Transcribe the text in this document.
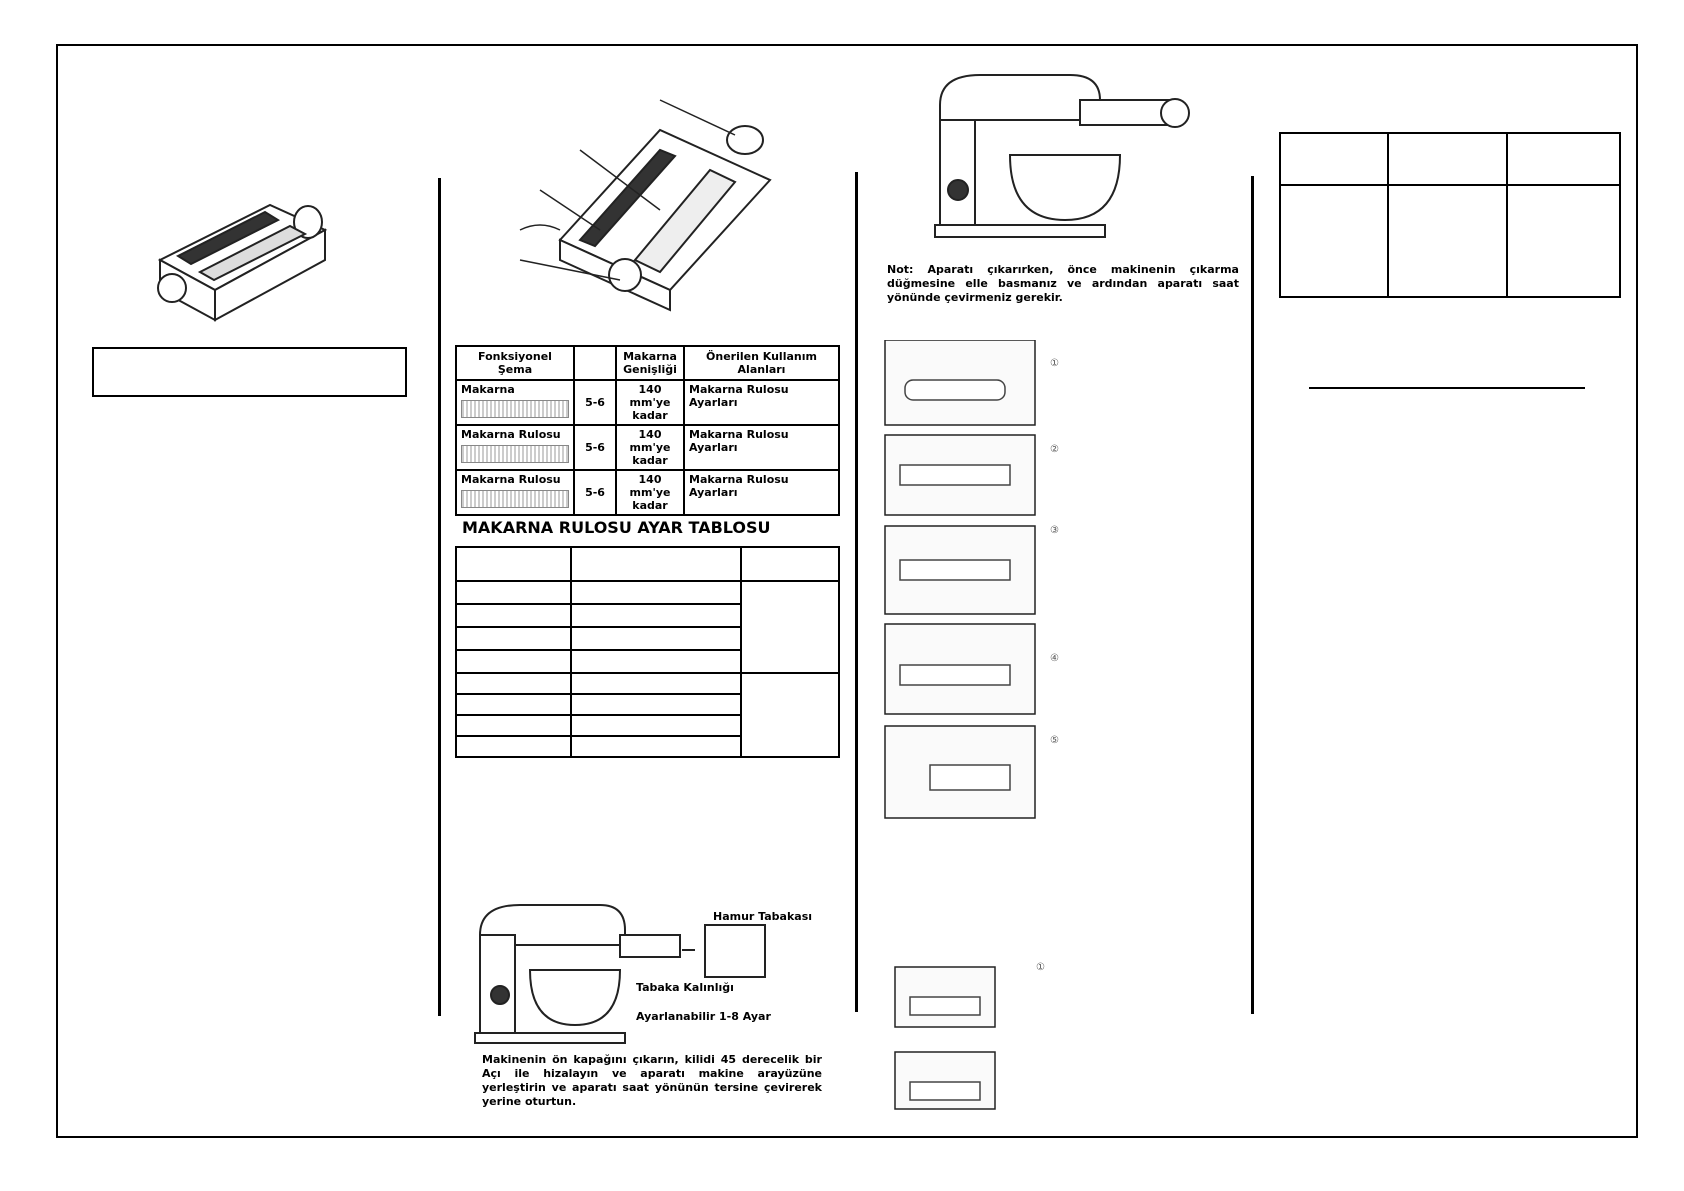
Fonksiyonel Şema		Makarna Genişliği	Önerilen Kullanım Alanları
Makarna	5-6	140 mm'ye kadar	Makarna Rulosu Ayarları
Makarna Rulosu	5-6	140 mm'ye kadar	Makarna Rulosu Ayarları
Makarna Rulosu	5-6	140 mm'ye kadar	Makarna Rulosu Ayarları
MAKARNA RULOSU AYAR TABLOSU

Hamur Tabakası
Tabaka Kalınlığı
Ayarlanabilir 1-8 Ayar
Makinenin ön kapağını çıkarın, kilidi 45 derecelik bir Açı ile hizalayın ve aparatı makine arayüzüne yerleştirin ve aparatı saat yönünün tersine çevirerek yerine oturtun.
Not: Aparatı çıkarırken, önce makinenin çıkarma düğmesine elle basmanız ve ardından aparatı saat yönünde çevirmeniz gerekir.
①
②
③
④
⑤
①
